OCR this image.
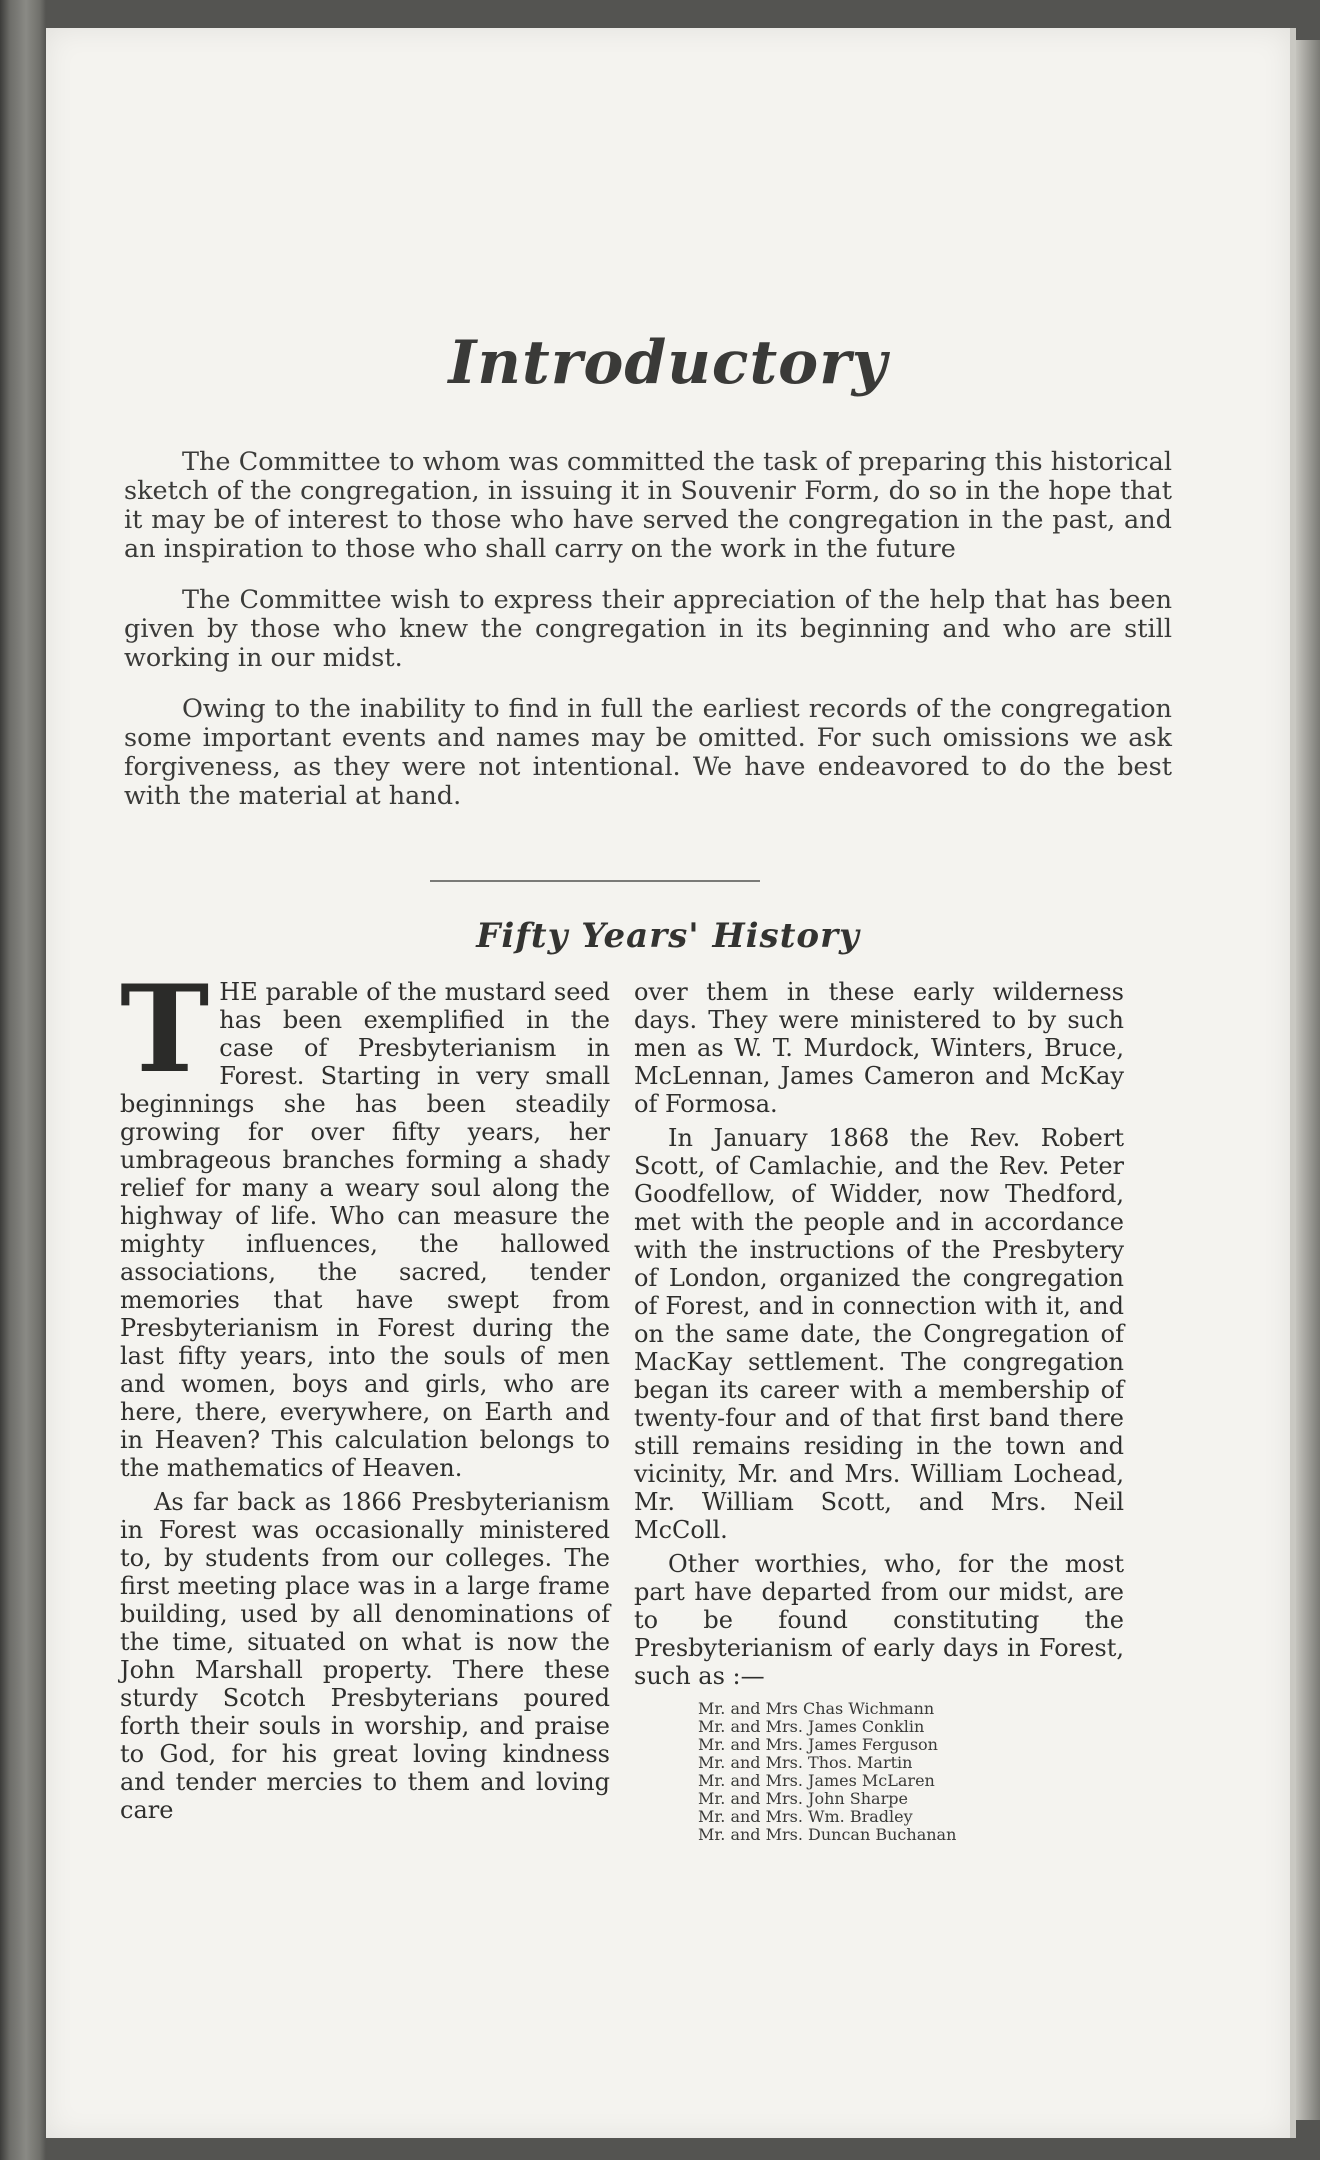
Introductory

The Committee to whom was committed the task of preparing this historical sketch of the congregation, in issuing it in Souvenir Form, do so in the hope that it may be of interest to those who have served the congregation in the past, and an inspiration to those who shall carry on the work in the future

The Committee wish to express their appreciation of the help that has been given by those who knew the congregation in its beginning and who are still working in our midst.

Owing to the inability to find in full the earliest records of the congregation some important events and names may be omitted. For such omissions we ask forgiveness, as they were not intentional. We have endeavored to do the best with the material at hand.

Fifty Years' History
T HE parable of the mustard seed has been exemplified in the case of Presbyterianism in Forest. Starting in very small beginnings she has been steadily growing for over fifty years, her umbrageous branches forming a shady relief for many a weary soul along the highway of life. Who can measure the mighty influences, the hallowed associations, the sacred, tender memories that have swept from Presbyterianism in Forest during the last fifty years, into the souls of men and women, boys and girls, who are here, there, everywhere, on Earth and in Heaven? This calculation belongs to the mathematics of Heaven.

As far back as 1866 Presbyterianism in Forest was occasionally ministered to, by students from our colleges. The first meeting place was in a large frame building, used by all denominations of the time, situated on what is now the John Marshall property. There these sturdy Scotch Presbyterians poured forth their souls in worship, and praise to God, for his great loving kindness and tender mercies to them and loving care

over them in these early wilderness days. They were ministered to by such men as W. T. Murdock, Winters, Bruce, McLennan, James Cameron and McKay of Formosa.

In January 1868 the Rev. Robert Scott, of Camlachie, and the Rev. Peter Goodfellow, of Widder, now Thedford, met with the people and in accordance with the instructions of the Presbytery of London, organized the congregation of Forest, and in connection with it, and on the same date, the Congregation of MacKay settlement. The congregation began its career with a membership of twenty-four and of that first band there still remains residing in the town and vicinity, Mr. and Mrs. William Lochead, Mr. William Scott, and Mrs. Neil McColl.

Other worthies, who, for the most part have departed from our midst, are to be found constituting the Presbyterianism of early days in Forest, such as :—

Mr. and Mrs Chas Wichmann
Mr. and Mrs. James Conklin
Mr. and Mrs. James Ferguson
Mr. and Mrs. Thos. Martin
Mr. and Mrs. James McLaren
Mr. and Mrs. John Sharpe
Mr. and Mrs. Wm. Bradley
Mr. and Mrs. Duncan Buchanan
